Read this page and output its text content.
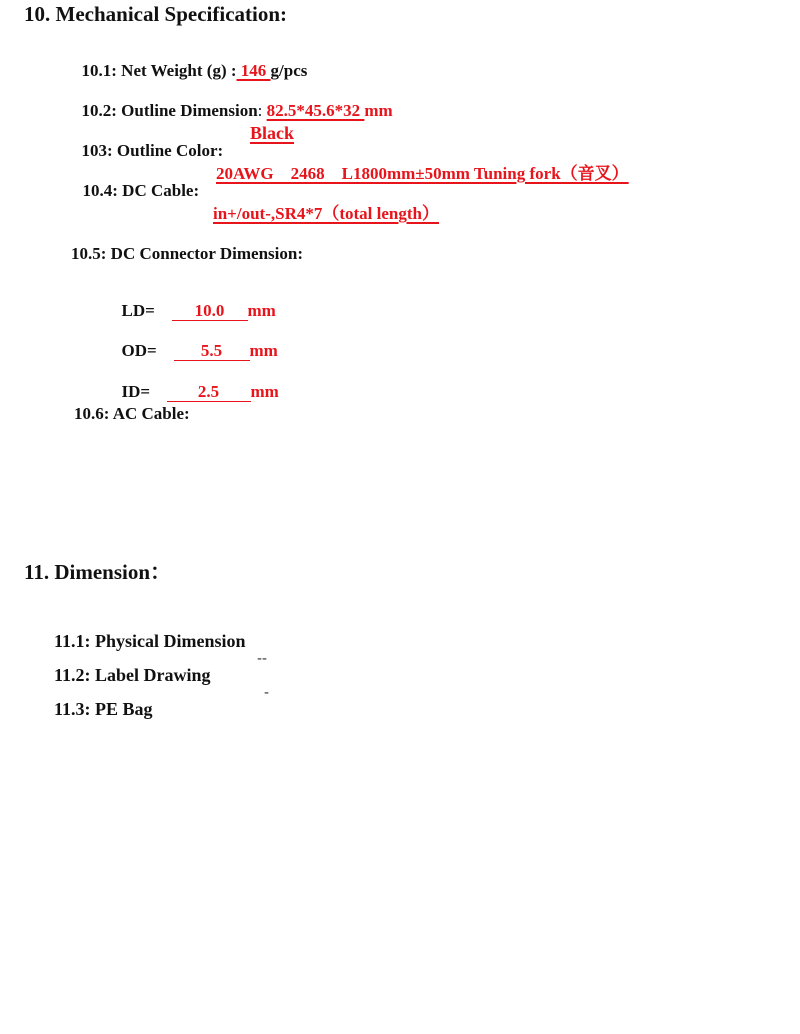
10. Mechanical Specification:

10.1: Net Weight (g) : 146 g/pcs

10.2: Outline Dimension: 82.5*45.6*32 mm

103: Outline Color:

Black

10.4: DC Cable:

20AWG    2468    L1800mm±50mm Tuning fork（音叉）
in+/out-,SR4*7（total length）
10.5: DC Connector Dimension:

LD= 10.0 mm

OD=	5.5 mm

ID=	2.5 mm

10.6: AC Cable:
11. Dimension：

11.1: Physical Dimension

11.2: Label Drawing

--

11.3: PE Bag

-
